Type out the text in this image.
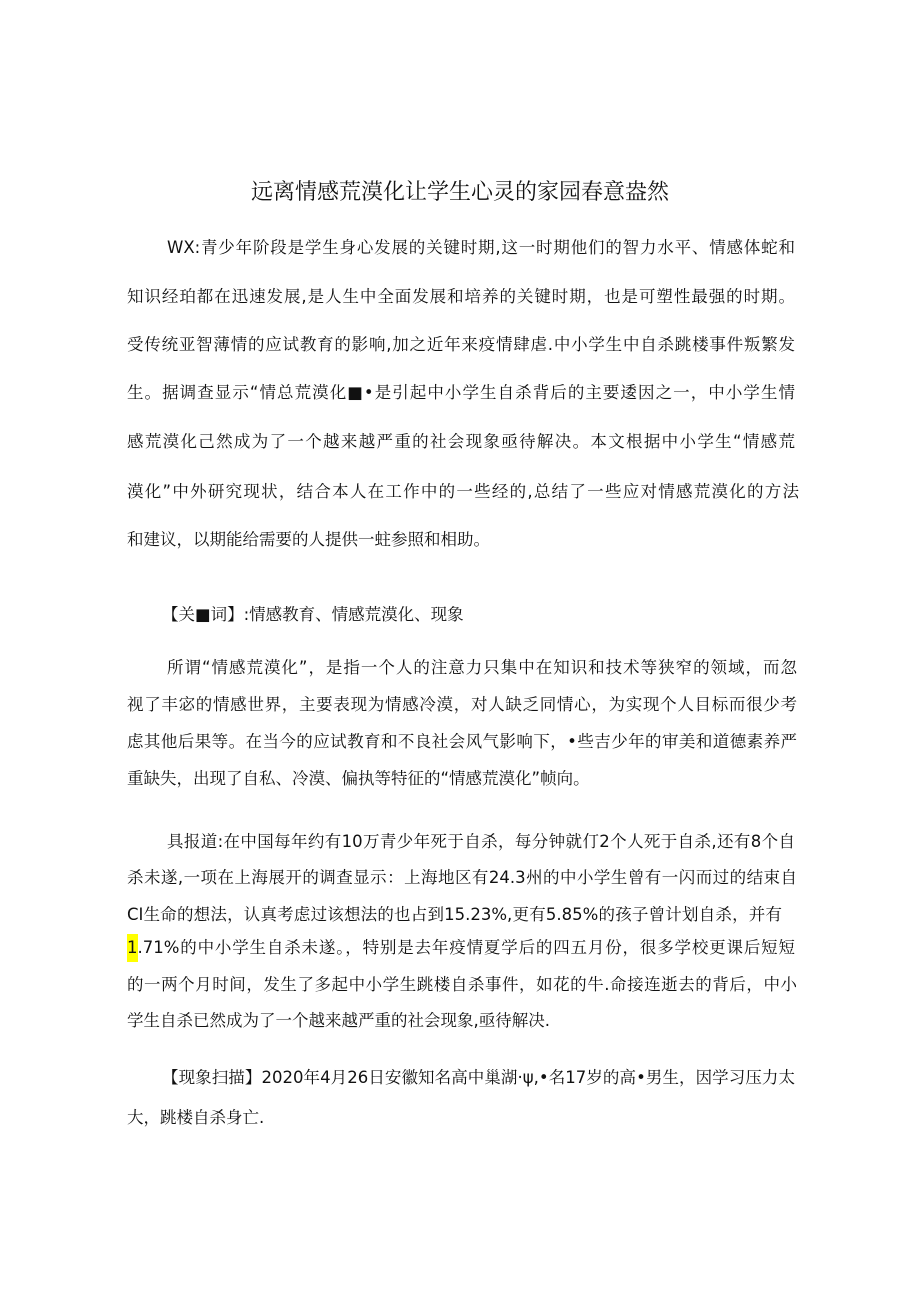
远离情感荒漠化让学生心灵的家园春意盎然
WX:青少年阶段是学生身心发展的关键时期,这一时期他们的智力水平、情感体蛇和
知识经珀都在迅速发展,是人生中全面发展和培养的关键时期，也是可塑性最强的时期。
受传统亚智薄情的应试教育的影响,加之近年来疫情肆虐.中小学生中自杀跳楼事件叛繁发
生。据调查显示“情总荒漠化■•是引起中小学生自杀背后的主要逶因之一，中小学生情
感荒漠化己然成为了一个越来越严重的社会现象亟待解决。本文根据中小学生“情感荒
漠化”中外研究现状，结合本人在工作中的一些经的,总结了一些应对情感荒漠化的方法
和建议，以期能给需要的人提供一蛀参照和相助。
【关■词】:情感教育、情感荒漠化、现象
所谓“情感荒漠化”，是指一个人的注意力只集中在知识和技术等狭窄的领域，而忽
视了丰宓的情感世界，主要表现为情感冷漠，对人缺乏同情心，为实现个人目标而很少考
虑其他后果等。在当今的应试教育和不良社会风气影响下，•些吉少年的审美和道德素养严
重缺失，出现了自私、冷漠、偏执等特征的“情感荒漠化”帧向。
具报道:在中国每年约有10万青少年死于自杀，每分钟就仃2个人死于自杀,还有8个自
杀未遂,一项在上海展开的调查显示：上海地区有24.3州的中小学生曾有一闪而过的结束自
CI生命的想法，认真考虑过该想法的也占到15.23%,更有5.85%的孩子曾计划自杀，并有
1 .71%的中小学生自杀未遂。，特别是去年疫情夏学后的四五月份，很多学校更课后短短
的一两个月时间，发生了多起中小学生跳楼自杀事件，如花的牛.命接连逝去的背后，中小
学生自杀已然成为了一个越来越严重的社会现象,亟待解决.
【现象扫描】2020年4月26日安徽知名高中巢湖·ψ,•名17岁的高•男生，因学习压力太
大，跳楼自杀身亡.
